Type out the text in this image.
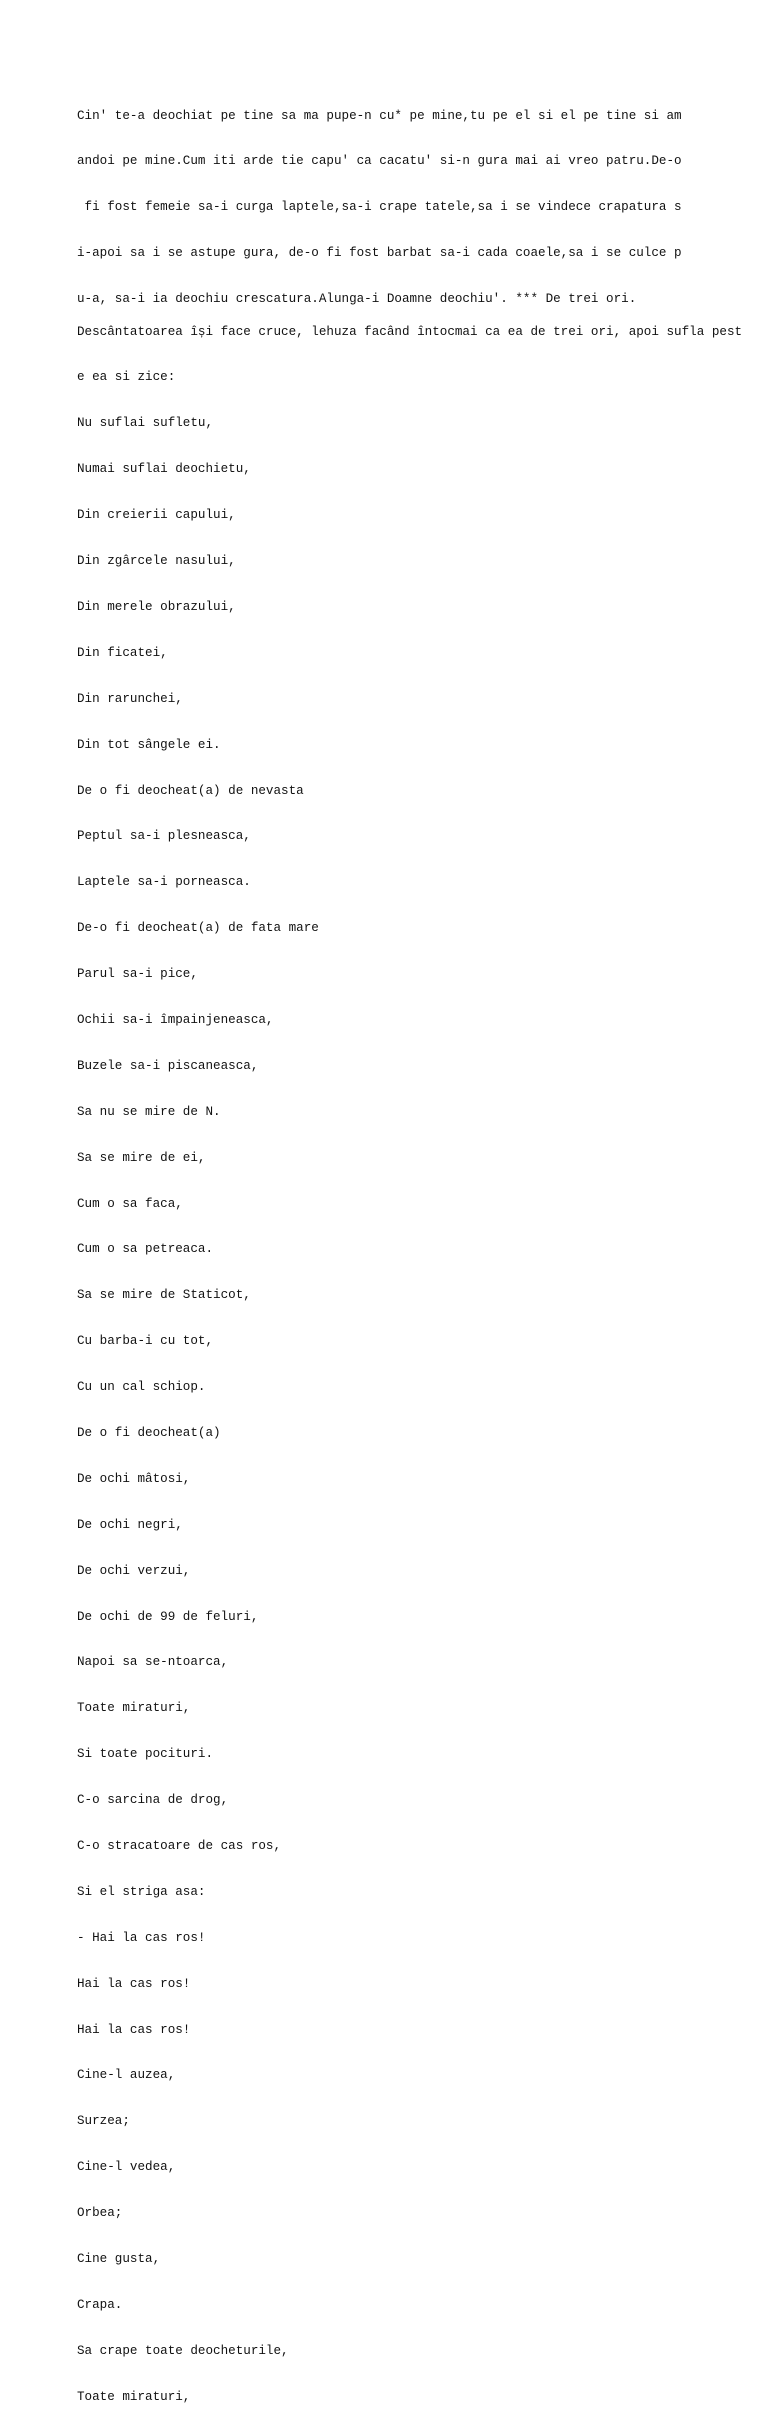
Cin' te-a deochiat pe tine sa ma pupe-n cu* pe mine,tu pe el si el pe tine si am

andoi pe mine.Cum iti arde tie capu' ca cacatu' si-n gura mai ai vreo patru.De-o

fi fost femeie sa-i curga laptele,sa-i crape tatele,sa i se vindece crapatura s

i-apoi sa i se astupe gura, de-o fi fost barbat sa-i cada coaele,sa i se culce p

u-a, sa-i ia deochiu crescatura.Alunga-i Doamne deochiu'. *** De trei ori.

Descântatoarea își face cruce, lehuza facând întocmai ca ea de trei ori, apoi sufla pest

e ea si zice:

Nu suflai sufletu,

Numai suflai deochietu,

Din creierii capului,

Din zgârcele nasului,

Din merele obrazului,

Din ficatei,

Din rarunchei,

Din tot sângele ei.

De o fi deocheat(a) de nevasta

Peptul sa-i plesneasca,

Laptele sa-i porneasca.

De-o fi deocheat(a) de fata mare

Parul sa-i pice,

Ochii sa-i împainjeneasca,

Buzele sa-i piscaneasca,

Sa nu se mire de N.

Sa se mire de ei,

Cum o sa faca,

Cum o sa petreaca.

Sa se mire de Staticot,

Cu barba-i cu tot,

Cu un cal schiop.

De o fi deocheat(a)

De ochi mâtosi,

De ochi negri,

De ochi verzui,

De ochi de 99 de feluri,

Napoi sa se-ntoarca,

Toate miraturi,

Si toate pocituri.

C-o sarcina de drog,

C-o stracatoare de cas ros,

Si el striga asa:

- Hai la cas ros!

Hai la cas ros!

Hai la cas ros!

Cine-l auzea,

Surzea;

Cine-l vedea,

Orbea;

Cine gusta,

Crapa.

Sa crape toate deocheturile,

Toate miraturi,
